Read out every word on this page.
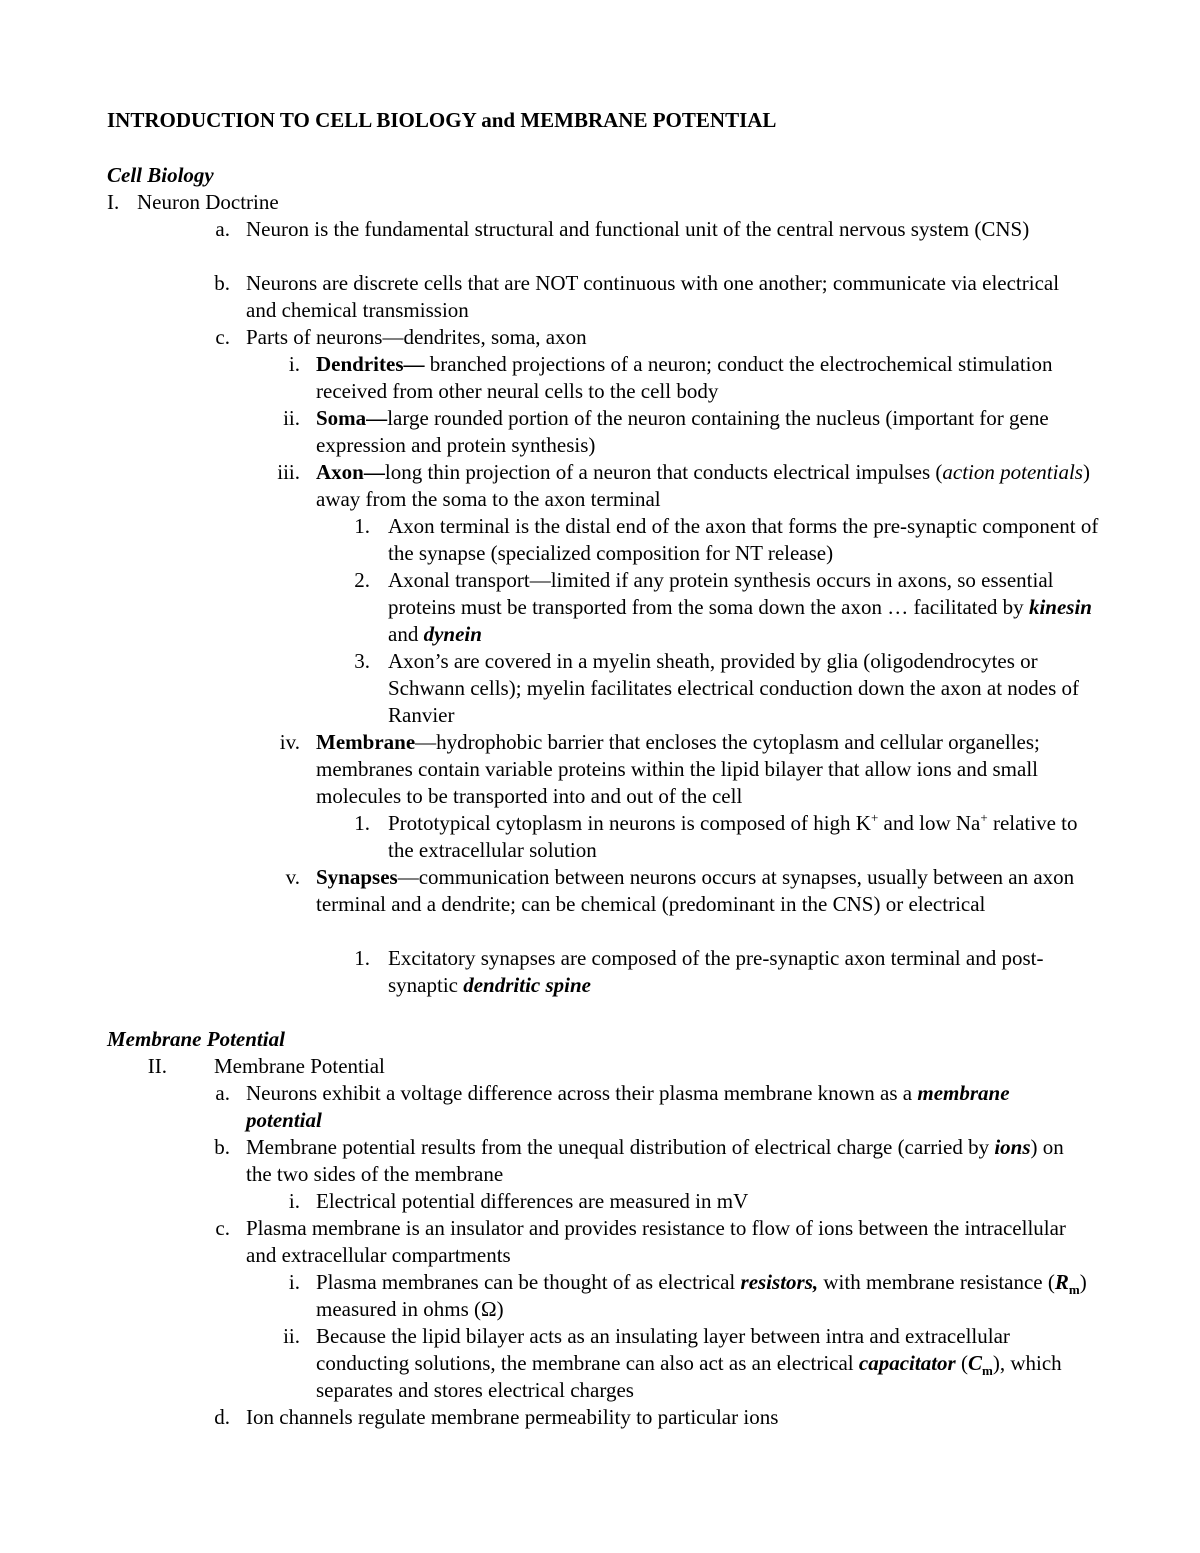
INTRODUCTION TO CELL BIOLOGY and MEMBRANE POTENTIAL
Cell Biology
I. Neuron Doctrine
a. Neuron is the fundamental structural and functional unit of the central nervous system (CNS)
b. Neurons are discrete cells that are NOT continuous with one another; communicate via electrical and chemical transmission
c. Parts of neurons—dendrites, soma, axon
i. Dendrites— branched projections of a neuron; conduct the electrochemical stimulation received from other neural cells to the cell body
ii. Soma—large rounded portion of the neuron containing the nucleus (important for gene expression and protein synthesis)
iii. Axon—long thin projection of a neuron that conducts electrical impulses (action potentials) away from the soma to the axon terminal
1. Axon terminal is the distal end of the axon that forms the pre-synaptic component of the synapse (specialized composition for NT release)
2. Axonal transport—limited if any protein synthesis occurs in axons, so essential proteins must be transported from the soma down the axon … facilitated by kinesin and dynein
3. Axon’s are covered in a myelin sheath, provided by glia (oligodendrocytes or Schwann cells); myelin facilitates electrical conduction down the axon at nodes of Ranvier
iv. Membrane—hydrophobic barrier that encloses the cytoplasm and cellular organelles; membranes contain variable proteins within the lipid bilayer that allow ions and small molecules to be transported into and out of the cell
1. Prototypical cytoplasm in neurons is composed of high K+ and low Na+ relative to the extracellular solution
v. Synapses—communication between neurons occurs at synapses, usually between an axon terminal and a dendrite; can be chemical (predominant in the CNS) or electrical
1. Excitatory synapses are composed of the pre-synaptic axon terminal and post-synaptic dendritic spine
Membrane Potential
II.	Membrane Potential
a. Neurons exhibit a voltage difference across their plasma membrane known as a membrane potential
b. Membrane potential results from the unequal distribution of electrical charge (carried by ions) on the two sides of the membrane
i. Electrical potential differences are measured in mV
c. Plasma membrane is an insulator and provides resistance to flow of ions between the intracellular and extracellular compartments
i. Plasma membranes can be thought of as electrical resistors, with membrane resistance $(R_m)$ measured in ohms (Ω)
ii. Because the lipid bilayer acts as an insulating layer between intra and extracellular conducting solutions, the membrane can also act as an electrical capacitator $(C_m)$, which separates and stores electrical charges
d. Ion channels regulate membrane permeability to particular ions
